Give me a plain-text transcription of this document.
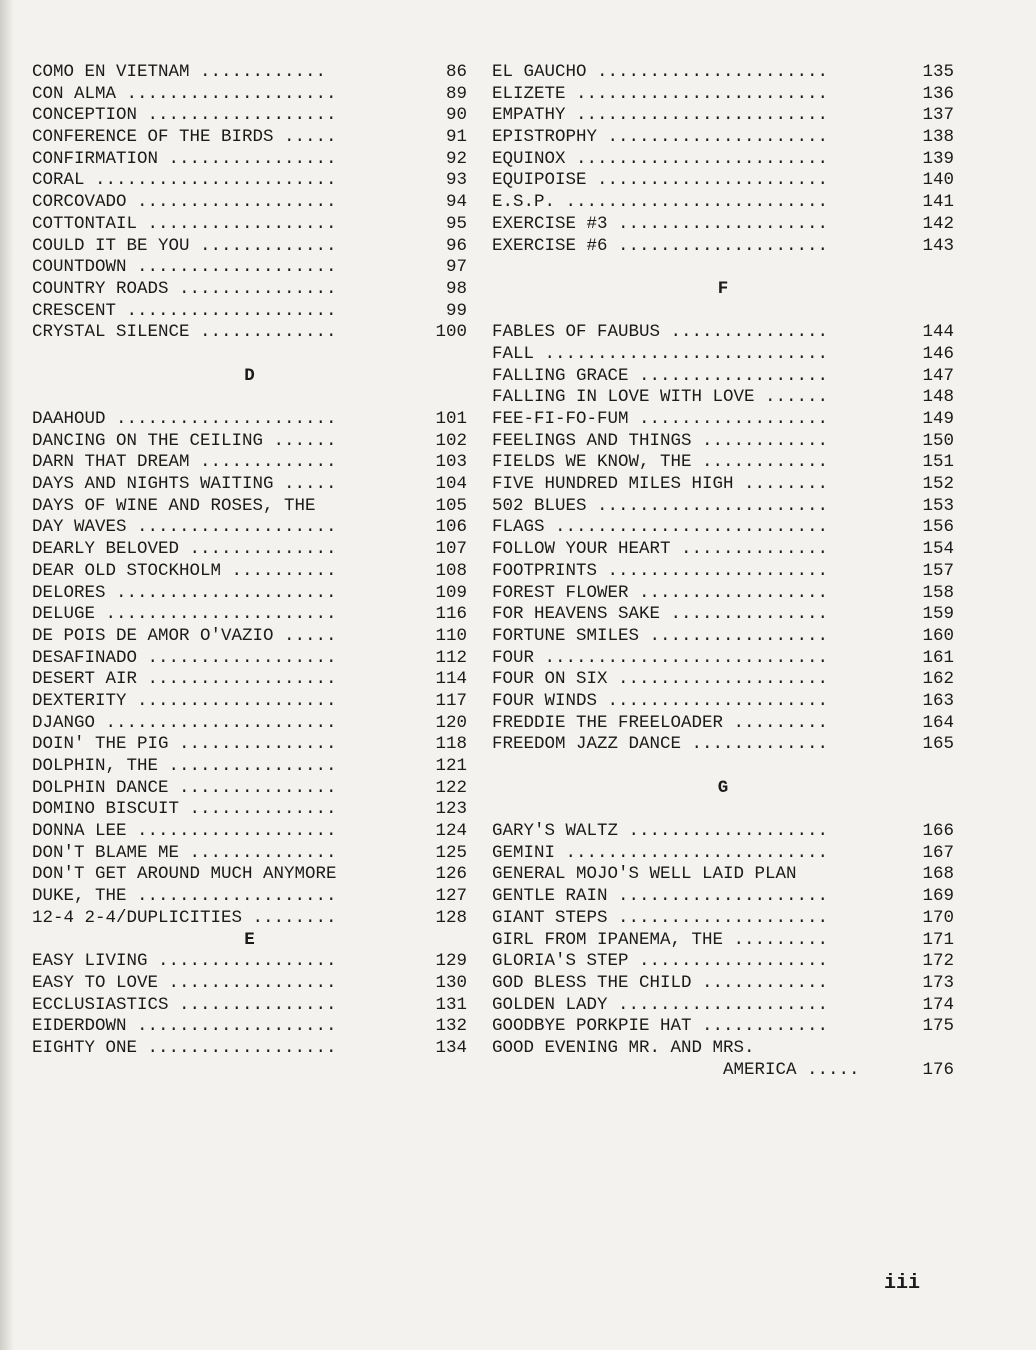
COMO EN VIETNAM ............	86
CON ALMA ....................	89
CONCEPTION ..................	90
CONFERENCE OF THE BIRDS .....	91
CONFIRMATION ................	92
CORAL .......................	93
CORCOVADO ...................	94
COTTONTAIL ..................	95
COULD IT BE YOU .............	96
COUNTDOWN ...................	97
COUNTRY ROADS ...............	98
CRESCENT ....................	99
CRYSTAL SILENCE .............	100
D
DAAHOUD .....................	101
DANCING ON THE CEILING ......	102
DARN THAT DREAM .............	103
DAYS AND NIGHTS WAITING .....	104
DAYS OF WINE AND ROSES, THE	105
DAY WAVES ...................	106
DEARLY BELOVED ..............	107
DEAR OLD STOCKHOLM ..........	108
DELORES .....................	109
DELUGE ......................	116
DE POIS DE AMOR O'VAZIO .....	110
DESAFINADO ..................	112
DESERT AIR ..................	114
DEXTERITY ...................	117
DJANGO ......................	120
DOIN' THE PIG ...............	118
DOLPHIN, THE ................	121
DOLPHIN DANCE ...............	122
DOMINO BISCUIT ..............	123
DONNA LEE ...................	124
DON'T BLAME ME ..............	125
DON'T GET AROUND MUCH ANYMORE	126
DUKE, THE ...................	127
12-4 2-4/DUPLICITIES ........	128
E
EASY LIVING .................	129
EASY TO LOVE ................	130
ECCLUSIASTICS ...............	131
EIDERDOWN ...................	132
EIGHTY ONE ..................	134
EL GAUCHO ......................	135
ELIZETE ........................	136
EMPATHY ........................	137
EPISTROPHY .....................	138
EQUINOX ........................	139
EQUIPOISE ......................	140
E.S.P. .........................	141
EXERCISE #3 ....................	142
EXERCISE #6 ....................	143
F
FABLES OF FAUBUS ...............	144
FALL ...........................	146
FALLING GRACE ..................	147
FALLING IN LOVE WITH LOVE ......	148
FEE-FI-FO-FUM ..................	149
FEELINGS AND THINGS ............	150
FIELDS WE KNOW, THE ............	151
FIVE HUNDRED MILES HIGH ........	152
502 BLUES ......................	153
FLAGS ..........................	156
FOLLOW YOUR HEART ..............	154
FOOTPRINTS .....................	157
FOREST FLOWER ..................	158
FOR HEAVENS SAKE ...............	159
FORTUNE SMILES .................	160
FOUR ...........................	161
FOUR ON SIX ....................	162
FOUR WINDS .....................	163
FREDDIE THE FREELOADER .........	164
FREEDOM JAZZ DANCE .............	165
G
GARY'S WALTZ ...................	166
GEMINI .........................	167
GENERAL MOJO'S WELL LAID PLAN	168
GENTLE RAIN ....................	169
GIANT STEPS ....................	170
GIRL FROM IPANEMA, THE .........	171
GLORIA'S STEP ..................	172
GOD BLESS THE CHILD ............	173
GOLDEN LADY ....................	174
GOODBYE PORKPIE HAT ............	175
GOOD EVENING MR. AND MRS.
AMERICA .....	176
iii
